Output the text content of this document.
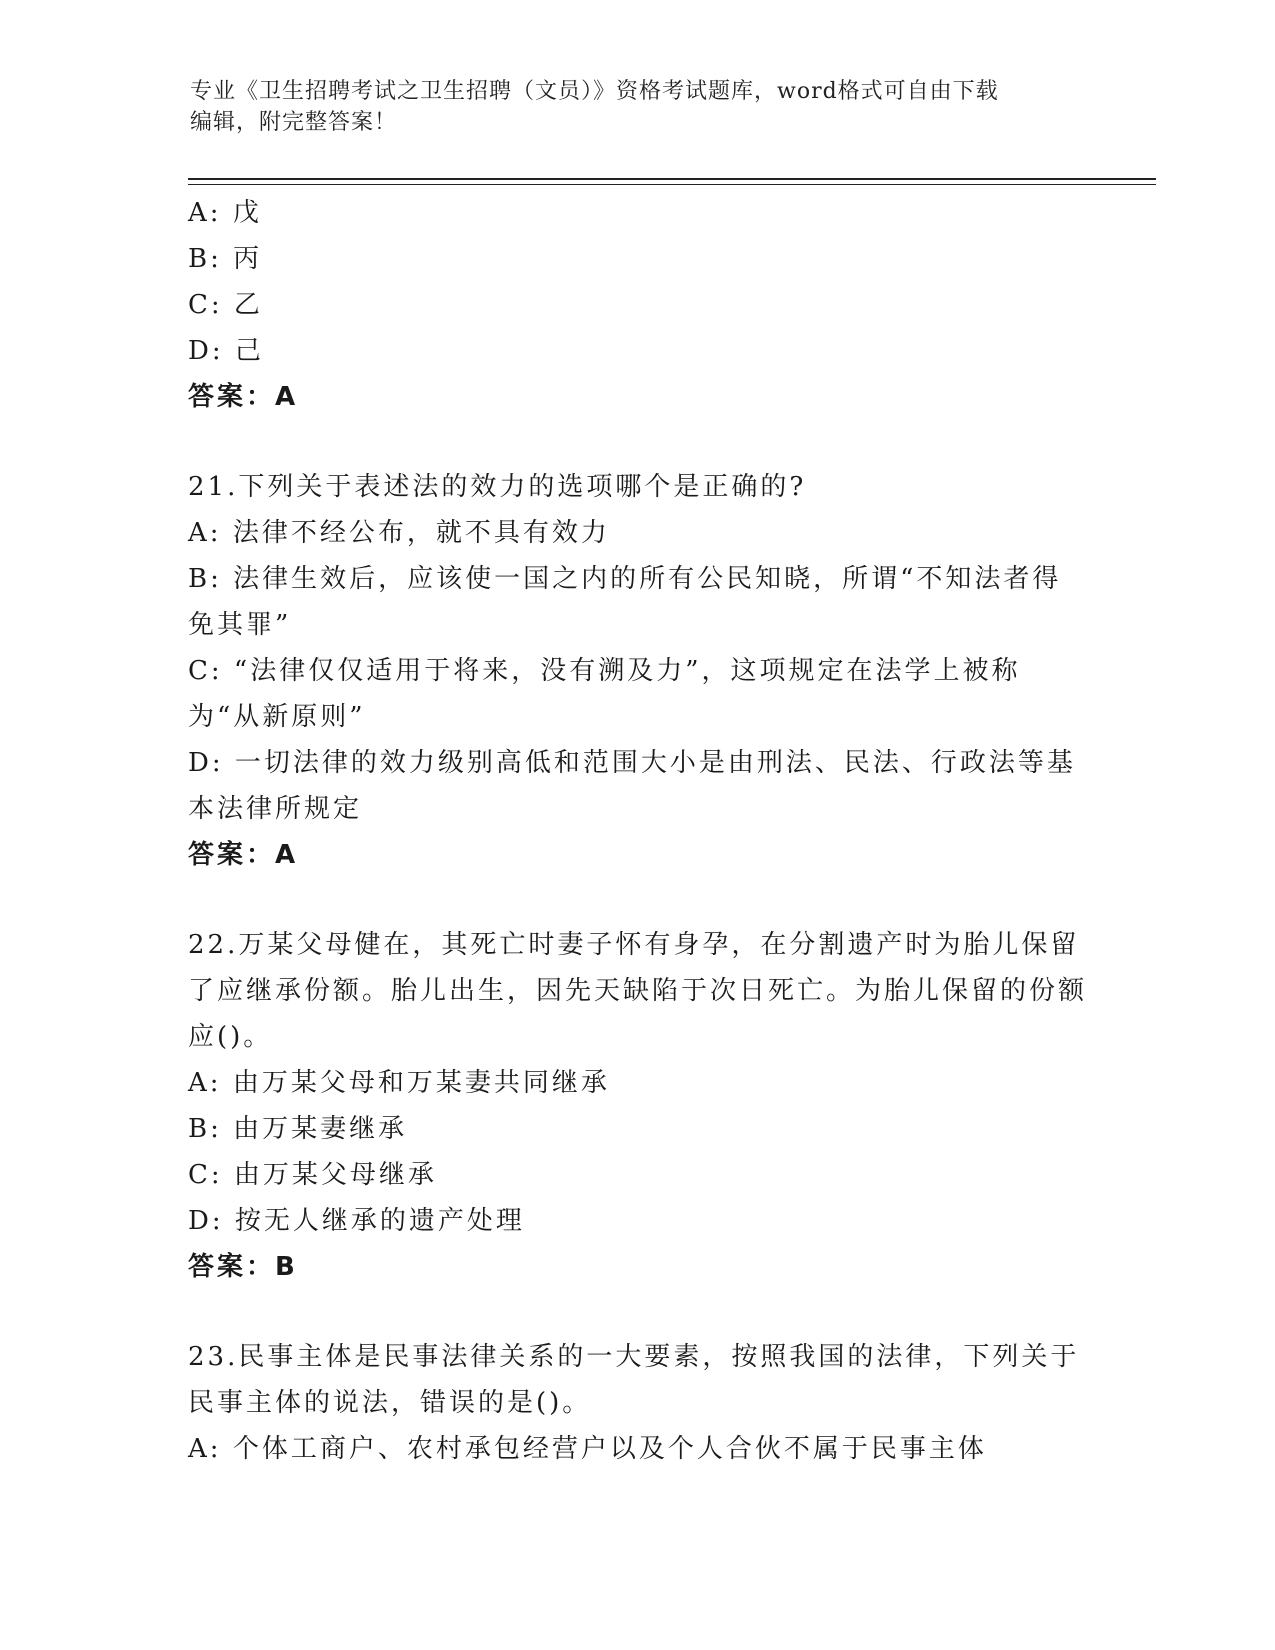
专业《卫生招聘考试之卫生招聘（文员）》资格考试题库，word格式可自由下载
编辑，附完整答案！

A: 戊

B: 丙

C: 乙

D: 己

答案：A

21.下列关于表述法的效力的选项哪个是正确的?

A: 法律不经公布，就不具有效力

B: 法律生效后，应该使一国之内的所有公民知晓，所谓“不知法者得免其罪”

C: “法律仅仅适用于将来，没有溯及力”，这项规定在法学上被称为“从新原则”

D: 一切法律的效力级别高低和范围大小是由刑法、民法、行政法等基本法律所规定

答案：A

22.万某父母健在，其死亡时妻子怀有身孕，在分割遗产时为胎儿保留了应继承份额。胎儿出生，因先天缺陷于次日死亡。为胎儿保留的份额应()。

A: 由万某父母和万某妻共同继承

B: 由万某妻继承

C: 由万某父母继承

D: 按无人继承的遗产处理

答案：B

23.民事主体是民事法律关系的一大要素，按照我国的法律，下列关于民事主体的说法，错误的是()。

A: 个体工商户、农村承包经营户以及个人合伙不属于民事主体
